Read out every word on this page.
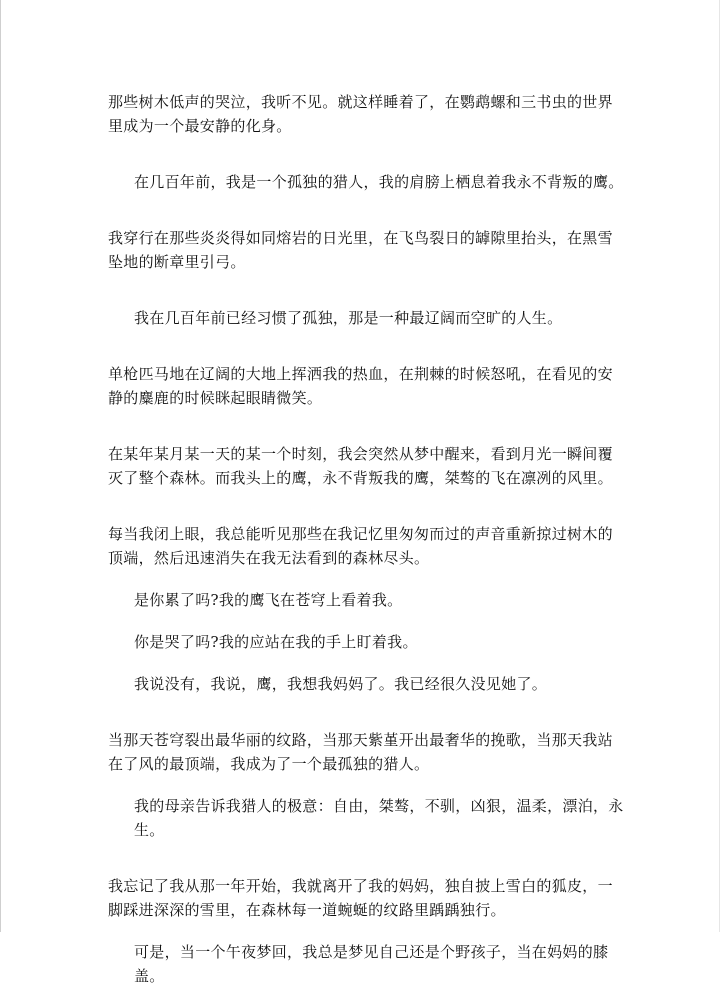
那些树木低声的哭泣，我听不见。就这样睡着了，在鹦鹉螺和三书虫的世界里成为一个最安静的化身。

在几百年前，我是一个孤独的猎人，我的肩膀上栖息着我永不背叛的鹰。

我穿行在那些炎炎得如同熔岩的日光里，在飞鸟裂日的罅隙里抬头，在黑雪坠地的断章里引弓。

我在几百年前已经习惯了孤独，那是一种最辽阔而空旷的人生。

单枪匹马地在辽阔的大地上挥洒我的热血，在荆棘的时候怒吼，在看见的安静的麋鹿的时候眯起眼睛微笑。

在某年某月某一天的某一个时刻，我会突然从梦中醒来，看到月光一瞬间覆灭了整个森林。而我头上的鹰，永不背叛我的鹰，桀骜的飞在凛冽的风里。

每当我闭上眼，我总能听见那些在我记忆里匆匆而过的声音重新掠过树木的顶端，然后迅速消失在我无法看到的森林尽头。

是你累了吗?我的鹰飞在苍穹上看着我。

你是哭了吗?我的应站在我的手上盯着我。

我说没有，我说，鹰，我想我妈妈了。我已经很久没见她了。

当那天苍穹裂出最华丽的纹路，当那天紫堇开出最奢华的挽歌，当那天我站在了风的最顶端，我成为了一个最孤独的猎人。

我的母亲告诉我猎人的极意：自由，桀骜，不驯，凶狠，温柔，漂泊，永生。

我忘记了我从那一年开始，我就离开了我的妈妈，独自披上雪白的狐皮，一脚踩进深深的雪里，在森林每一道蜿蜒的纹路里踽踽独行。

可是，当一个午夜梦回，我总是梦见自己还是个野孩子，当在妈妈的膝盖。
